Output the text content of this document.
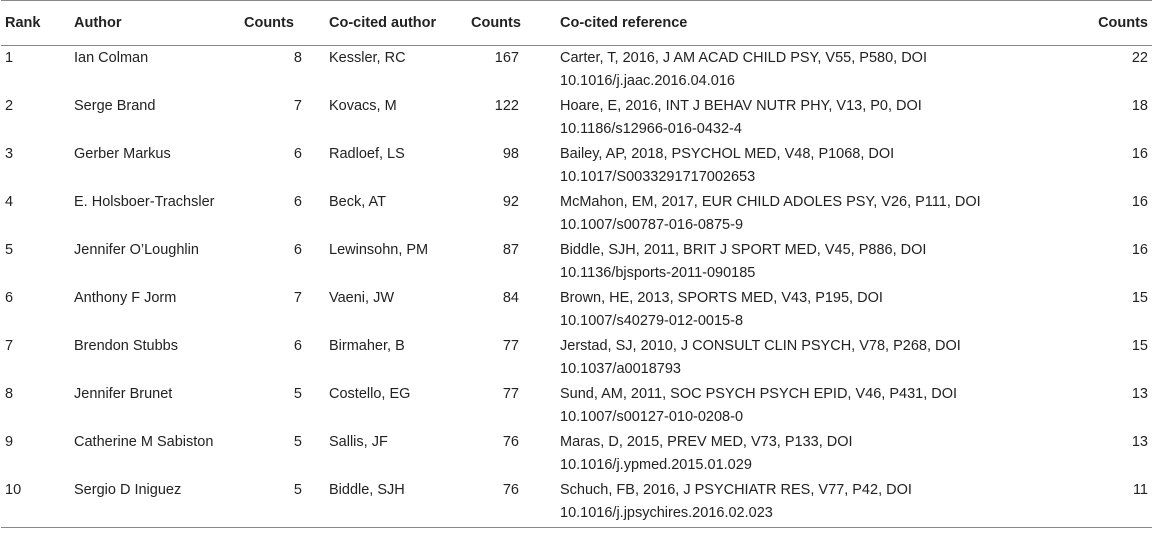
Rank	Author	Counts		Co-cited author	Counts		Co-cited reference	Counts
1	Ian Colman	8		Kessler, RC	167		Carter, T, 2016, J AM ACAD CHILD PSY, V55, P580, DOI
10.1016/j.jaac.2016.04.016	22
2	Serge Brand	7		Kovacs, M	122		Hoare, E, 2016, INT J BEHAV NUTR PHY, V13, P0, DOI
10.1186/s12966-016-0432-4	18
3	Gerber Markus	6		Radloef, LS	98		Bailey, AP, 2018, PSYCHOL MED, V48, P1068, DOI
10.1017/S0033291717002653	16
4	E. Holsboer-Trachsler	6		Beck, AT	92		McMahon, EM, 2017, EUR CHILD ADOLES PSY, V26, P111, DOI
10.1007/s00787-016-0875-9	16
5	Jennifer O’Loughlin	6		Lewinsohn, PM	87		Biddle, SJH, 2011, BRIT J SPORT MED, V45, P886, DOI
10.1136/bjsports-2011-090185	16
6	Anthony F Jorm	7		Vaeni, JW	84		Brown, HE, 2013, SPORTS MED, V43, P195, DOI
10.1007/s40279-012-0015-8	15
7	Brendon Stubbs	6		Birmaher, B	77		Jerstad, SJ, 2010, J CONSULT CLIN PSYCH, V78, P268, DOI
10.1037/a0018793	15
8	Jennifer Brunet	5		Costello, EG	77		Sund, AM, 2011, SOC PSYCH PSYCH EPID, V46, P431, DOI
10.1007/s00127-010-0208-0	13
9	Catherine M Sabiston	5		Sallis, JF	76		Maras, D, 2015, PREV MED, V73, P133, DOI
10.1016/j.ypmed.2015.01.029	13
10	Sergio D Iniguez	5		Biddle, SJH	76		Schuch, FB, 2016, J PSYCHIATR RES, V77, P42, DOI
10.1016/j.jpsychires.2016.02.023	11
